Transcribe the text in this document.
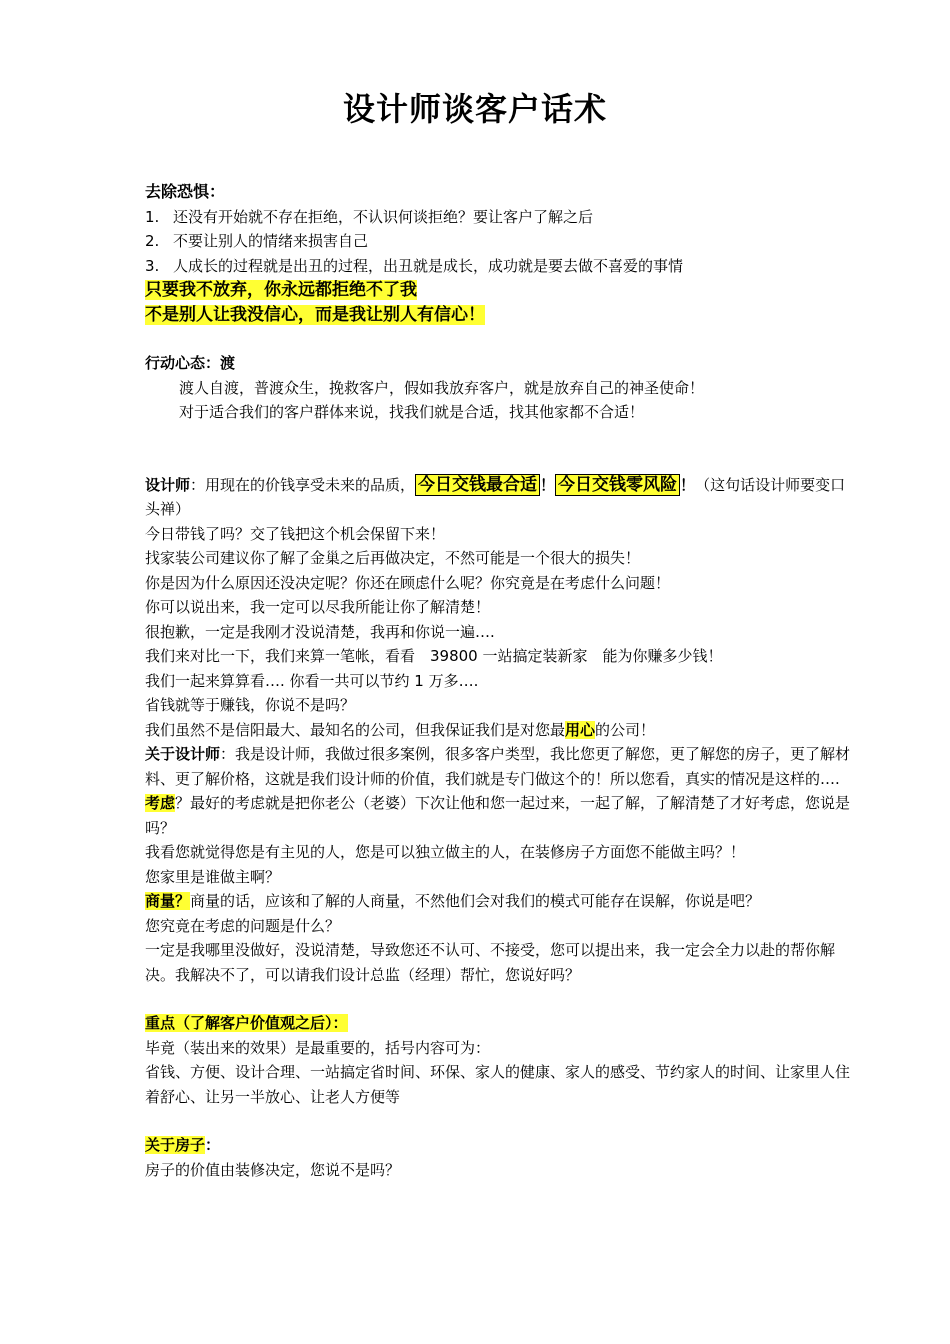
设计师谈客户话术
去除恐惧：
1. 还没有开始就不存在拒绝，不认识何谈拒绝？要让客户了解之后
2. 不要让别人的情绪来损害自己
3. 人成长的过程就是出丑的过程，出丑就是成长，成功就是要去做不喜爱的事情
只要我不放弃，你永远都拒绝不了我
不是别人让我没信心，而是我让别人有信心！
行动心态：渡
渡人自渡，普渡众生，挽救客户，假如我放弃客户，就是放弃自己的神圣使命！
对于适合我们的客户群体来说，找我们就是合适，找其他家都不合适！
设计师：用现在的价钱享受未来的品质， 今日交钱最合适 ！ 今日交钱零风险 ！（这句话设计师要变口头禅）
今日带钱了吗？交了钱把这个机会保留下来！
找家装公司建议你了解了金巢之后再做决定，不然可能是一个很大的损失！
你是因为什么原因还没决定呢？你还在顾虑什么呢？你究竟是在考虑什么问题！
你可以说出来，我一定可以尽我所能让你了解清楚！
很抱歉，一定是我刚才没说清楚，我再和你说一遍….
我们来对比一下，我们来算一笔帐，看看　39800 一站搞定装新家　能为你赚多少钱！
我们一起来算算看…. 你看一共可以节约 1 万多….
省钱就等于赚钱，你说不是吗？
我们虽然不是信阳最大、最知名的公司，但我保证我们是对您最用心的公司！
关于设计师：我是设计师，我做过很多案例，很多客户类型，我比您更了解您，更了解您的房子，更了解材料、更了解价格，这就是我们设计师的价值，我们就是专门做这个的！所以您看，真实的情况是这样的….
考虑？最好的考虑就是把你老公（老婆）下次让他和您一起过来，一起了解，了解清楚了才好考虑，您说是吗？
我看您就觉得您是有主见的人，您是可以独立做主的人，在装修房子方面您不能做主吗？！
您家里是谁做主啊？
商量？商量的话，应该和了解的人商量，不然他们会对我们的模式可能存在误解，你说是吧？
您究竟在考虑的问题是什么？
一定是我哪里没做好，没说清楚，导致您还不认可、不接受，您可以提出来，我一定会全力以赴的帮你解决。我解决不了，可以请我们设计总监（经理）帮忙，您说好吗？
重点（了解客户价值观之后）：
毕竟（装出来的效果）是最重要的，括号内容可为：
省钱、方便、设计合理、一站搞定省时间、环保、家人的健康、家人的感受、节约家人的时间、让家里人住着舒心、让另一半放心、让老人方便等
关于房子：
房子的价值由装修决定，您说不是吗？
